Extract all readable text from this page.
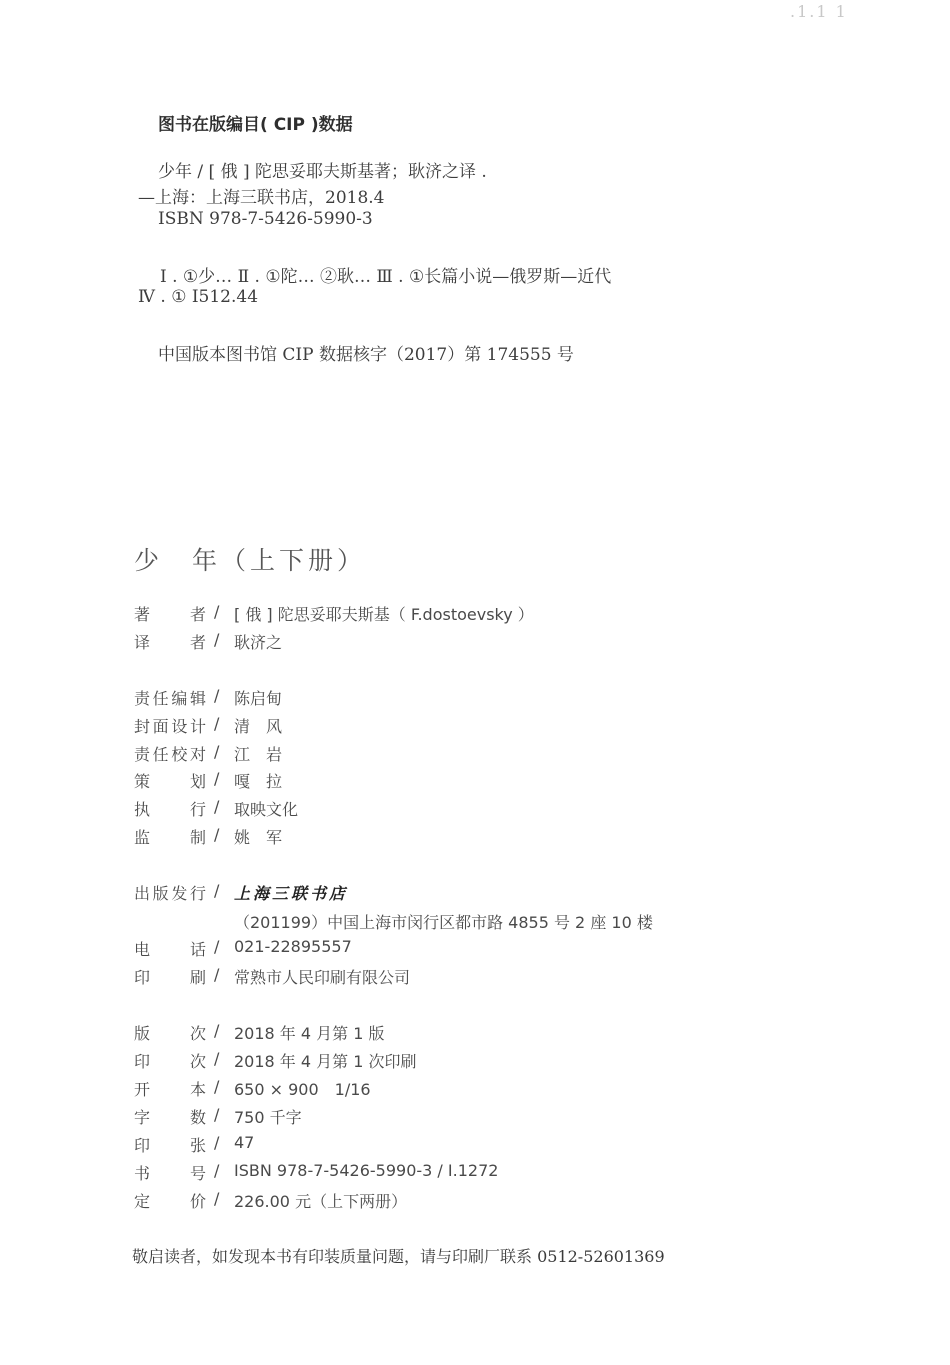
.1.1 1
图书在版编目( CIP )数据
少年 / [ 俄 ] 陀思妥耶夫斯基著；耿济之译 .
—上海：上海三联书店，2018.4
ISBN 978-7-5426-5990-3
Ⅰ . ①少… Ⅱ . ①陀… ②耿… Ⅲ . ①长篇小说—俄罗斯—近代
Ⅳ . ① I512.44
中国版本图书馆 CIP 数据核字（2017）第 174555 号
少　年（上下册）
著　　者 / [ 俄 ] 陀思妥耶夫斯基（ F.dostoevsky ）
译　　者 / 耿济之
责任编辑 / 陈启甸
封面设计 / 清　风
责任校对 / 江　岩
策　　划 / 嘎　拉
执　　行 / 取映文化
监　　制 / 姚　军
出版发行 / 上海三联书店
（201199）中国上海市闵行区都市路 4855 号 2 座 10 楼
电　　话 / 021-22895557
印　　刷 / 常熟市人民印刷有限公司
版　　次 / 2018 年 4 月第 1 版
印　　次 / 2018 年 4 月第 1 次印刷
开　　本 / 650 × 900　1/16
字　　数 / 750 千字
印　　张 / 47
书　　号 / ISBN 978-7-5426-5990-3 / I.1272
定　　价 / 226.00 元（上下两册）
敬启读者，如发现本书有印装质量问题，请与印刷厂联系 0512-52601369
